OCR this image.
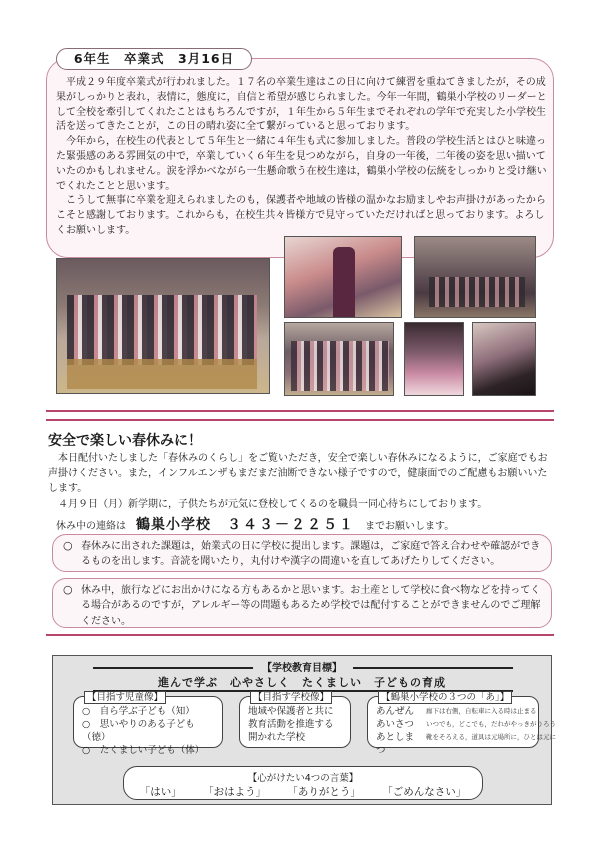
6年生　卒業式　3月16日

平成２９年度卒業式が行われました。１７名の卒業生達はこの日に向けて練習を重ねてきましたが，その成果がしっかりと表れ，表情に，態度に，自信と希望が感じられました。今年一年間，鶴巣小学校のリーダーとして全校を牽引してくれたことはもちろんですが，１年生から５年生までそれぞれの学年で充実した小学校生活を送ってきたことが，この日の晴れ姿に全て繋がっていると思っております。

今年から，在校生の代表として５年生と一緒に４年生も式に参加しました。普段の学校生活とはひと味違った緊張感のある雰囲気の中で，卒業していく６年生を見つめながら，自身の一年後，二年後の姿を思い描いていたのかもしれません。涙を浮かべながら一生懸命歌う在校生達は，鶴巣小学校の伝統をしっかりと受け継いでくれたことと思います。

こうして無事に卒業を迎えられましたのも，保護者や地域の皆様の温かなお励ましやお声掛けがあったからこそと感謝しております。これからも，在校生共々皆様方で見守っていただければと思っております。よろしくお願いします。

安全で楽しい春休みに！

本日配付いたしました「春休みのくらし」をご覧いただき，安全で楽しい春休みになるように，ご家庭でもお声掛けください。また，インフルエンザもまだまだ油断できない様子ですので，健康面でのご配慮もお願いいたします。

４月９日（月）新学期に，子供たちが元気に登校してくるのを職員一同心待ちにしております。

休み中の連絡は 鶴巣小学校 ３４３－２２５１ までお願いします。
○ 春休みに出された課題は，始業式の日に学校に提出します。課題は，ご家庭で答え合わせや確認ができるものを出します。音読を聞いたり，丸付けや漢字の間違いを直してあげたりしてください。
○ 休み中，旅行などにお出かけになる方もあるかと思います。お土産として学校に食べ物などを持ってくる場合があるのですが，アレルギー等の問題もあるため学校では配付することができませんのでご理解ください。
【学校教育目標】
進んで学ぶ　心やさしく　たくましい　子どもの育成
【目指す児童像】
○　自ら学ぶ子ども（知）
○　思いやりのある子ども（徳）
○　たくましい子ども（体）
【目指す学校像】
地域や保護者と共に
教育活動を推進する
開かれた学校
【鶴巣小学校の３つの「あ」】
あんぜん	廊下は右側，自転車に入る時は止まる
あいさつ	いつでも，どこでも，だれがやっきがりろう
あとしまつ
靴をそろえる，道具は元場所に，ひとは元に
【心がけたい4つの言葉】
「はい」 「おはよう」 「ありがとう」 「ごめんなさい」
